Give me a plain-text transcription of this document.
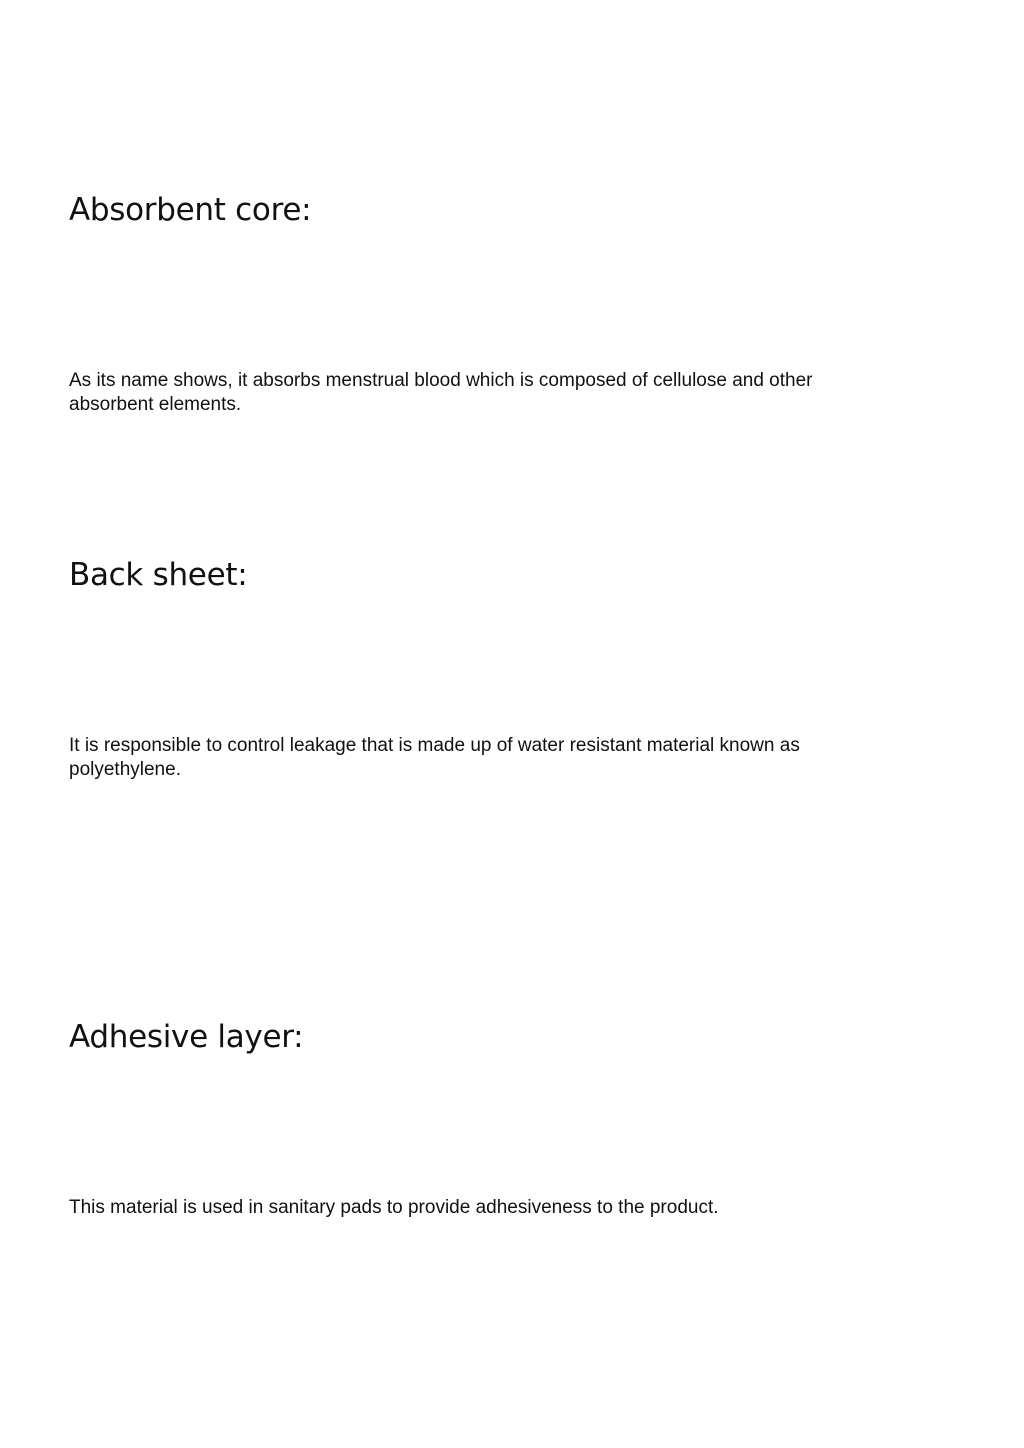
Absorbent core:

As its name shows, it absorbs menstrual blood which is composed of cellulose and other absorbent elements.

Back sheet:

It is responsible to control leakage that is made up of water resistant material known as polyethylene.

Adhesive layer:

This material is used in sanitary pads to provide adhesiveness to the product.
